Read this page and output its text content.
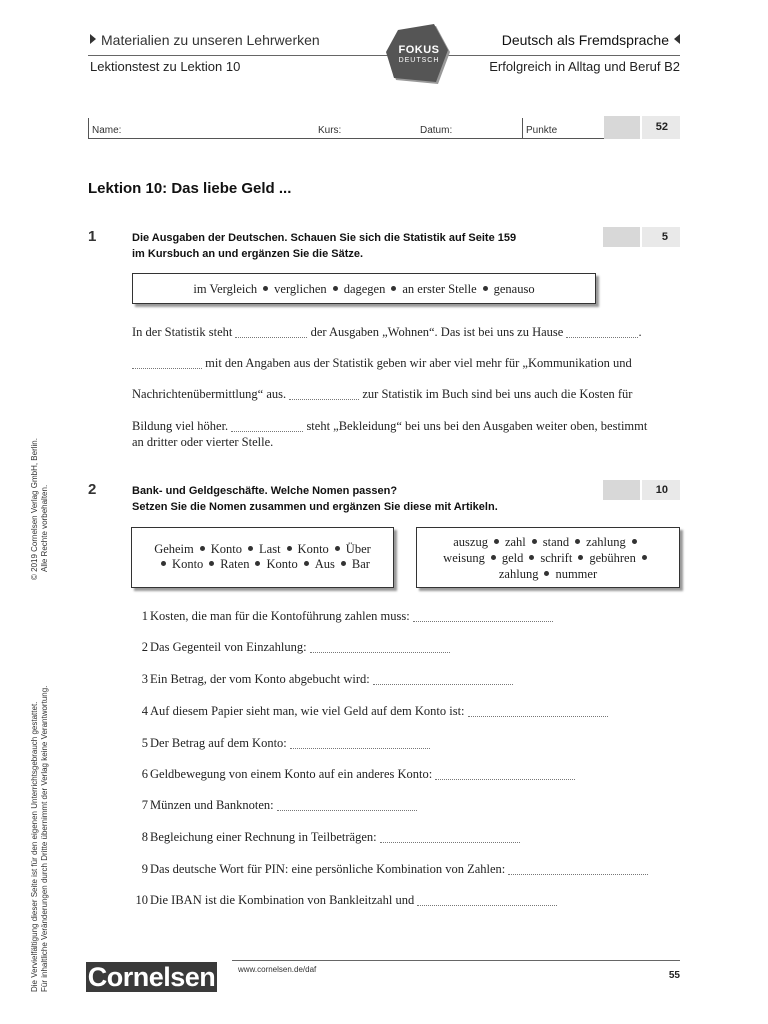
Materialien zu unseren Lehrwerken	Deutsch als Fremdsprache
Lektionstest zu Lektion 10	Erfolgreich in Alltag und Beruf B2
FOKUS
DEUTSCH
Name:	Kurs:	Datum:	Punkte	52
Lektion 10: Das liebe Geld ...
1	Die Ausgaben der Deutschen. Schauen Sie sich die Statistik auf Seite 159
im Kursbuch an und ergänzen Sie die Sätze.
5
im Vergleich verglichen dagegen an erster Stelle genauso
In der Statistik steht	der Ausgaben „Wohnen“. Das ist bei uns zu Hause	.
mit den Angaben aus der Statistik geben wir aber viel mehr für „Kommunikation und
Nachrichtenübermittlung“ aus.	zur Statistik im Buch sind bei uns auch die Kosten für
Bildung viel höher.	steht „Bekleidung“ bei uns bei den Ausgaben weiter oben, bestimmt
an dritter oder vierter Stelle.
2	Bank- und Geldgeschäfte. Welche Nomen passen?
Setzen Sie die Nomen zusammen und ergänzen Sie diese mit Artikeln.
10
Geheim Konto Last Konto Über
Konto Raten Konto Aus Bar
auszug zahl stand zahlung
weisung geld schrift gebühren
zahlung nummer
1 Kosten, die man für die Kontoführung zahlen muss:
2 Das Gegenteil von Einzahlung:
3 Ein Betrag, der vom Konto abgebucht wird:
4 Auf diesem Papier sieht man, wie viel Geld auf dem Konto ist:
5 Der Betrag auf dem Konto:
6 Geldbewegung von einem Konto auf ein anderes Konto:
7 Münzen und Banknoten:
8 Begleichung einer Rechnung in Teilbeträgen:
9 Das deutsche Wort für PIN: eine persönliche Kombination von Zahlen:
10 Die IBAN ist die Kombination von Bankleitzahl und
© 2019 Cornelsen Verlag GmbH, Berlin. Alle Rechte vorbehalten.
Die Vervielfältigung dieser Seite ist für den eigenen Unterrichtsgebrauch gestattet. Für inhaltliche Veränderungen durch Dritte übernimmt der Verlag keine Verantwortung. Cornelsen	www.cornelsen.de/daf
55
